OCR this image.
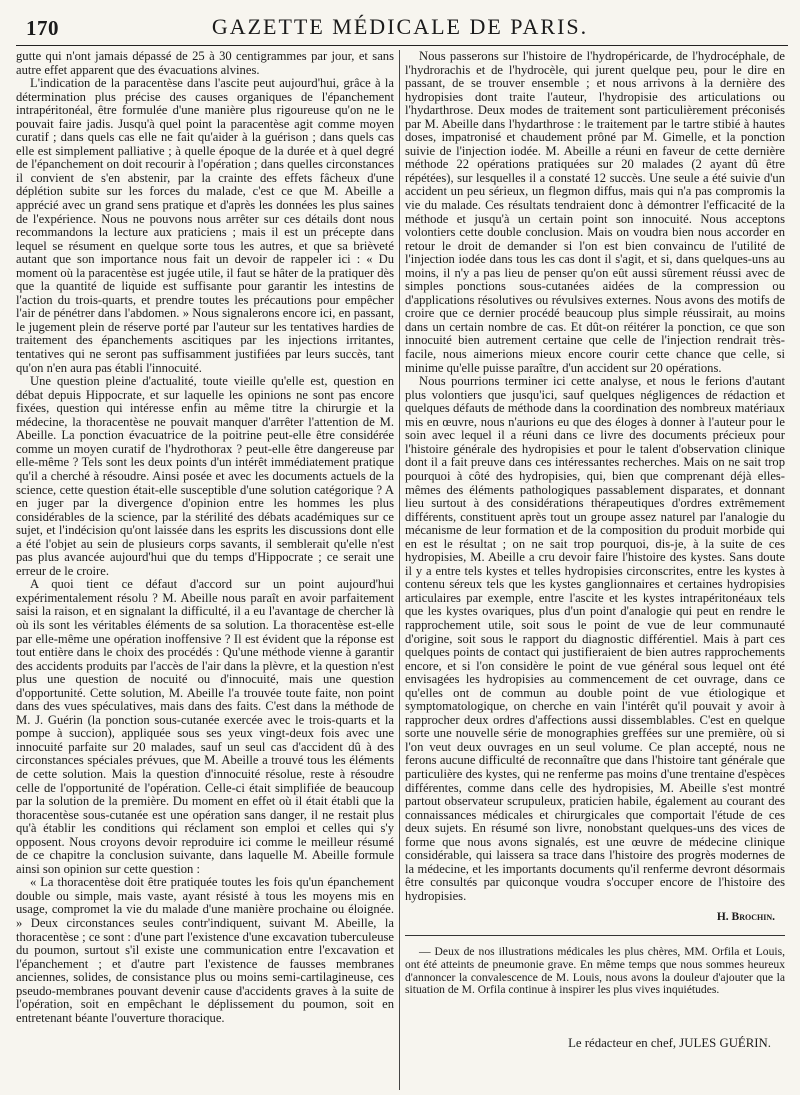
170	GAZETTE MÉDICALE DE PARIS.

gutte qui n'ont jamais dépassé de 25 à 30 centigrammes par jour, et sans autre effet apparent que des évacuations alvines.

L'indication de la paracentèse dans l'ascite peut aujourd'hui, grâce à la détermination plus précise des causes organiques de l'épanchement intrapéritonéal, être formulée d'une manière plus rigoureuse qu'on ne le pouvait faire jadis. Jusqu'à quel point la paracentèse agit comme moyen curatif ; dans quels cas elle ne fait qu'aider à la guérison ; dans quels cas elle est simplement palliative ; à quelle époque de la durée et à quel degré de l'épanchement on doit recourir à l'opération ; dans quelles circonstances il convient de s'en abstenir, par la crainte des effets fâcheux d'une déplétion subite sur les forces du malade, c'est ce que M. Abeille a apprécié avec un grand sens pratique et d'après les données les plus saines de l'expérience. Nous ne pouvons nous arrêter sur ces détails dont nous recommandons la lecture aux praticiens ; mais il est un précepte dans lequel se résument en quelque sorte tous les autres, et que sa brièveté autant que son importance nous fait un devoir de rappeler ici : « Du moment où la paracentèse est jugée utile, il faut se hâter de la pratiquer dès que la quantité de liquide est suffisante pour garantir les intestins de l'action du trois-quarts, et prendre toutes les précautions pour empêcher l'air de pénétrer dans l'abdomen. » Nous signalerons encore ici, en passant, le jugement plein de réserve porté par l'auteur sur les tentatives hardies de traitement des épanchements ascitiques par les injections irritantes, tentatives qui ne seront pas suffisamment justifiées par leurs succès, tant qu'on n'en aura pas établi l'innocuité.

Une question pleine d'actualité, toute vieille qu'elle est, question en débat depuis Hippocrate, et sur laquelle les opinions ne sont pas encore fixées, question qui intéresse enfin au même titre la chirurgie et la médecine, la thoracentèse ne pouvait manquer d'arrêter l'attention de M. Abeille. La ponction évacuatrice de la poitrine peut-elle être considérée comme un moyen curatif de l'hydrothorax ? peut-elle être dangereuse par elle-même ? Tels sont les deux points d'un intérêt immédiatement pratique qu'il a cherché à résoudre. Ainsi posée et avec les documents actuels de la science, cette question était-elle susceptible d'une solution catégorique ? A en juger par la divergence d'opinion entre les hommes les plus considérables de la science, par la stérilité des débats académiques sur ce sujet, et l'indécision qu'ont laissée dans les esprits les discussions dont elle a été l'objet au sein de plusieurs corps savants, il semblerait qu'elle n'est pas plus avancée aujourd'hui que du temps d'Hippocrate ; ce serait une erreur de le croire.

A quoi tient ce défaut d'accord sur un point aujourd'hui expérimentalement résolu ? M. Abeille nous paraît en avoir parfaitement saisi la raison, et en signalant la difficulté, il a eu l'avantage de chercher là où ils sont les véritables éléments de sa solution. La thoracentèse est-elle par elle-même une opération inoffensive ? Il est évident que la réponse est tout entière dans le choix des procédés : Qu'une méthode vienne à garantir des accidents produits par l'accès de l'air dans la plèvre, et la question n'est plus une question de nocuité ou d'innocuité, mais une question d'opportunité. Cette solution, M. Abeille l'a trouvée toute faite, non point dans des vues spéculatives, mais dans des faits. C'est dans la méthode de M. J. Guérin (la ponction sous-cutanée exercée avec le trois-quarts et la pompe à succion), appliquée sous ses yeux vingt-deux fois avec une innocuité parfaite sur 20 malades, sauf un seul cas d'accident dû à des circonstances spéciales prévues, que M. Abeille a trouvé tous les éléments de cette solution. Mais la question d'innocuité résolue, reste à résoudre celle de l'opportunité de l'opération. Celle-ci était simplifiée de beaucoup par la solution de la première. Du moment en effet où il était établi que la thoracentèse sous-cutanée est une opération sans danger, il ne restait plus qu'à établir les conditions qui réclament son emploi et celles qui s'y opposent. Nous croyons devoir reproduire ici comme le meilleur résumé de ce chapitre la conclusion suivante, dans laquelle M. Abeille formule ainsi son opinion sur cette question :

« La thoracentèse doit être pratiquée toutes les fois qu'un épanchement double ou simple, mais vaste, ayant résisté à tous les moyens mis en usage, compromet la vie du malade d'une manière prochaine ou éloignée. » Deux circonstances seules contr'indiquent, suivant M. Abeille, la thoracentèse ; ce sont : d'une part l'existence d'une excavation tuberculeuse du poumon, surtout s'il existe une communication entre l'excavation et l'épanchement ; et d'autre part l'existence de fausses membranes anciennes, solides, de consistance plus ou moins semi-cartilagineuse, ces pseudo-membranes pouvant devenir cause d'accidents graves à la suite de l'opération, soit en empêchant le déplissement du poumon, soit en entretenant béante l'ouverture thoracique.

Nous passerons sur l'histoire de l'hydropéricarde, de l'hydrocéphale, de l'hydrorachis et de l'hydrocèle, qui jurent quelque peu, pour le dire en passant, de se trouver ensemble ; et nous arrivons à la dernière des hydropisies dont traite l'auteur, l'hydropisie des articulations ou l'hydarthrose. Deux modes de traitement sont particulièrement préconisés par M. Abeille dans l'hydarthrose : le traitement par le tartre stibié à hautes doses, impatronisé et chaudement prôné par M. Gimelle, et la ponction suivie de l'injection iodée. M. Abeille a réuni en faveur de cette dernière méthode 22 opérations pratiquées sur 20 malades (2 ayant dû être répétées), sur lesquelles il a constaté 12 succès. Une seule a été suivie d'un accident un peu sérieux, un flegmon diffus, mais qui n'a pas compromis la vie du malade. Ces résultats tendraient donc à démontrer l'efficacité de la méthode et jusqu'à un certain point son innocuité. Nous acceptons volontiers cette double conclusion. Mais on voudra bien nous accorder en retour le droit de demander si l'on est bien convaincu de l'utilité de l'injection iodée dans tous les cas dont il s'agit, et si, dans quelques-uns au moins, il n'y a pas lieu de penser qu'on eût aussi sûrement réussi avec de simples ponctions sous-cutanées aidées de la compression ou d'applications résolutives ou révulsives externes. Nous avons des motifs de croire que ce dernier procédé beaucoup plus simple réussirait, au moins dans un certain nombre de cas. Et dût-on réitérer la ponction, ce que son innocuité bien autrement certaine que celle de l'injection rendrait très-facile, nous aimerions mieux encore courir cette chance que celle, si minime qu'elle puisse paraître, d'un accident sur 20 opérations.

Nous pourrions terminer ici cette analyse, et nous le ferions d'autant plus volontiers que jusqu'ici, sauf quelques négligences de rédaction et quelques défauts de méthode dans la coordination des nombreux matériaux mis en œuvre, nous n'aurions eu que des éloges à donner à l'auteur pour le soin avec lequel il a réuni dans ce livre des documents précieux pour l'histoire générale des hydropisies et pour le talent d'observation clinique dont il a fait preuve dans ces intéressantes recherches. Mais on ne sait trop pourquoi à côté des hydropisies, qui, bien que comprenant déjà elles-mêmes des éléments pathologiques passablement disparates, et donnant lieu surtout à des considérations thérapeutiques d'ordres extrêmement différents, constituent après tout un groupe assez naturel par l'analogie du mécanisme de leur formation et de la composition du produit morbide qui en est le résultat ; on ne sait trop pourquoi, dis-je, à la suite de ces hydropisies, M. Abeille a cru devoir faire l'histoire des kystes. Sans doute il y a entre tels kystes et telles hydropisies circonscrites, entre les kystes à contenu séreux tels que les kystes ganglionnaires et certaines hydropisies articulaires par exemple, entre l'ascite et les kystes intrapéritonéaux tels que les kystes ovariques, plus d'un point d'analogie qui peut en rendre le rapprochement utile, soit sous le point de vue de leur communauté d'origine, soit sous le rapport du diagnostic différentiel. Mais à part ces quelques points de contact qui justifieraient de bien autres rapprochements encore, et si l'on considère le point de vue général sous lequel ont été envisagées les hydropisies au commencement de cet ouvrage, dans ce qu'elles ont de commun au double point de vue étiologique et symptomatologique, on cherche en vain l'intérêt qu'il pouvait y avoir à rapprocher deux ordres d'affections aussi dissemblables. C'est en quelque sorte une nouvelle série de monographies greffées sur une première, où si l'on veut deux ouvrages en un seul volume. Ce plan accepté, nous ne ferons aucune difficulté de reconnaître que dans l'histoire tant générale que particulière des kystes, qui ne renferme pas moins d'une trentaine d'espèces différentes, comme dans celle des hydropisies, M. Abeille s'est montré partout observateur scrupuleux, praticien habile, également au courant des connaissances médicales et chirurgicales que comportait l'étude de ces deux sujets. En résumé son livre, nonobstant quelques-uns des vices de forme que nous avons signalés, est une œuvre de médecine clinique considérable, qui laissera sa trace dans l'histoire des progrès modernes de la médecine, et les importants documents qu'il renferme devront désormais être consultés par quiconque voudra s'occuper encore de l'histoire des hydropisies.

H. Brochin.

— Deux de nos illustrations médicales les plus chères, MM. Orfila et Louis, ont été atteints de pneumonie grave. En même temps que nous sommes heureux d'annoncer la convalescence de M. Louis, nous avons la douleur d'ajouter que la situation de M. Orfila continue à inspirer les plus vives inquiétudes.

Le rédacteur en chef, JULES GUÉRIN.
